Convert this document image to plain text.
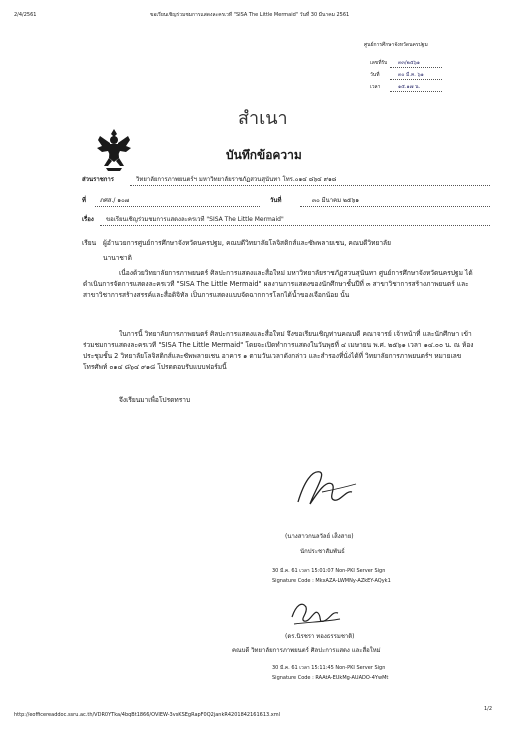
2/4/2561	ขอเรียนเชิญร่วมชมการแสดงละครเวที "SISA The Little Mermaid" วันที่ 30 มีนาคม 2561
ศูนย์การศึกษาจังหวัดนครปฐม
เลขที่รับ ๓๓/๒๕๖๑
วันที่	๓๐ มี.ค. ๖๑
เวลา	๑๕.๑๗ น.
สำเนา
บันทึกข้อความ
ส่วนราชการ	วิทยาลัยการภาพยนตร์ฯ มหาวิทยาลัยราชภัฏสวนสุนันทา โทร.๐๑๔ ๘๖๔ ๙๑๘
ที่ ภศส./ ๑๐๗	วันที่	๓๐ มีนาคม ๒๕๖๑
เรื่อง ขอเรียนเชิญร่วมชมการแสดงละครเวที "SISA The Little Mermaid"
เรียน ผู้อำนวยการศูนย์การศึกษาจังหวัดนครปฐม, คณบดีวิทยาลัยโลจิสติกส์และซัพพลายเชน, คณบดีวิทยาลัย
นานาชาติ
เนื่องด้วยวิทยาลัยการภาพยนตร์ ศิลปะการแสดงและสื่อใหม่ มหาวิทยาลัยราชภัฏสวนสุนันทา ศูนย์การศึกษาจังหวัดนครปฐม ได้ดำเนินการจัดการแสดงละครเวที "SISA The Little Mermaid" ผลงานการแสดงของนักศึกษาชั้นปีที่ ๓ สาขาวิชาการสร้างภาพยนตร์ และสาขาวิชาการสร้างสรรค์และสื่อดิจิทัล เป็นการแสดงแบบจัดฉากการโลกได้น้ำของเจือกน้อย นั้น
ในการนี้ วิทยาลัยการภาพยนตร์ ศิลปะการแสดงและสื่อใหม่ จึงขอเรียนเชิญท่านคณบดี คณาจารย์ เจ้าหน้าที่ และนักศึกษา เข้าร่วมชมการแสดงละครเวที "SISA The Little Mermaid" โดยจะเปิดทำการแสดงในวันพุธที่ ๔ เมษายน พ.ศ. ๒๕๖๑ เวลา ๑๔.๐๐ น. ณ ห้องประชุมชั้น 2 วิทยาลัยโลจิสติกส์และซัพพลายเชน อาคาร ๑ ตามวันเวลาดังกล่าว และสำรองที่นั่งได้ที่ วิทยาลัยการภาพยนตร์ฯ หมายเลขโทรศัพท์ ๐๑๔ ๘๖๔ ๙๑๘ โปรดตอบรับแบบฟอร์มนี้
จึงเรียนมาเพื่อโปรดทราบ
(นางสาวกนลวัลย์ เส็งสาย)
นักประชาสัมพันธ์
30 มี.ค. 61 เวลา 15:01:07 Non-PKI Server Sign
Signature Code : MkxAZA-LWMNy-AZkEY-AQyk1
(ดร.นิรชรา ทองธรรมชาติ)
คณบดี วิทยาลัยการภาพยนตร์ ศิลปะการแสดง และสื่อใหม่
30 มี.ค. 61 เวลา 15:11:45 Non-PKI Server Sign
Signature Code : RAAtA-EUkMg-AUADO-4YwMt
http://eofficereaddoc.ssru.ac.th/VDR0YTka/4bqBt1866/OVIEW-3vsKSEgRapF0Q2jankR4201842161613.xml
1/2
